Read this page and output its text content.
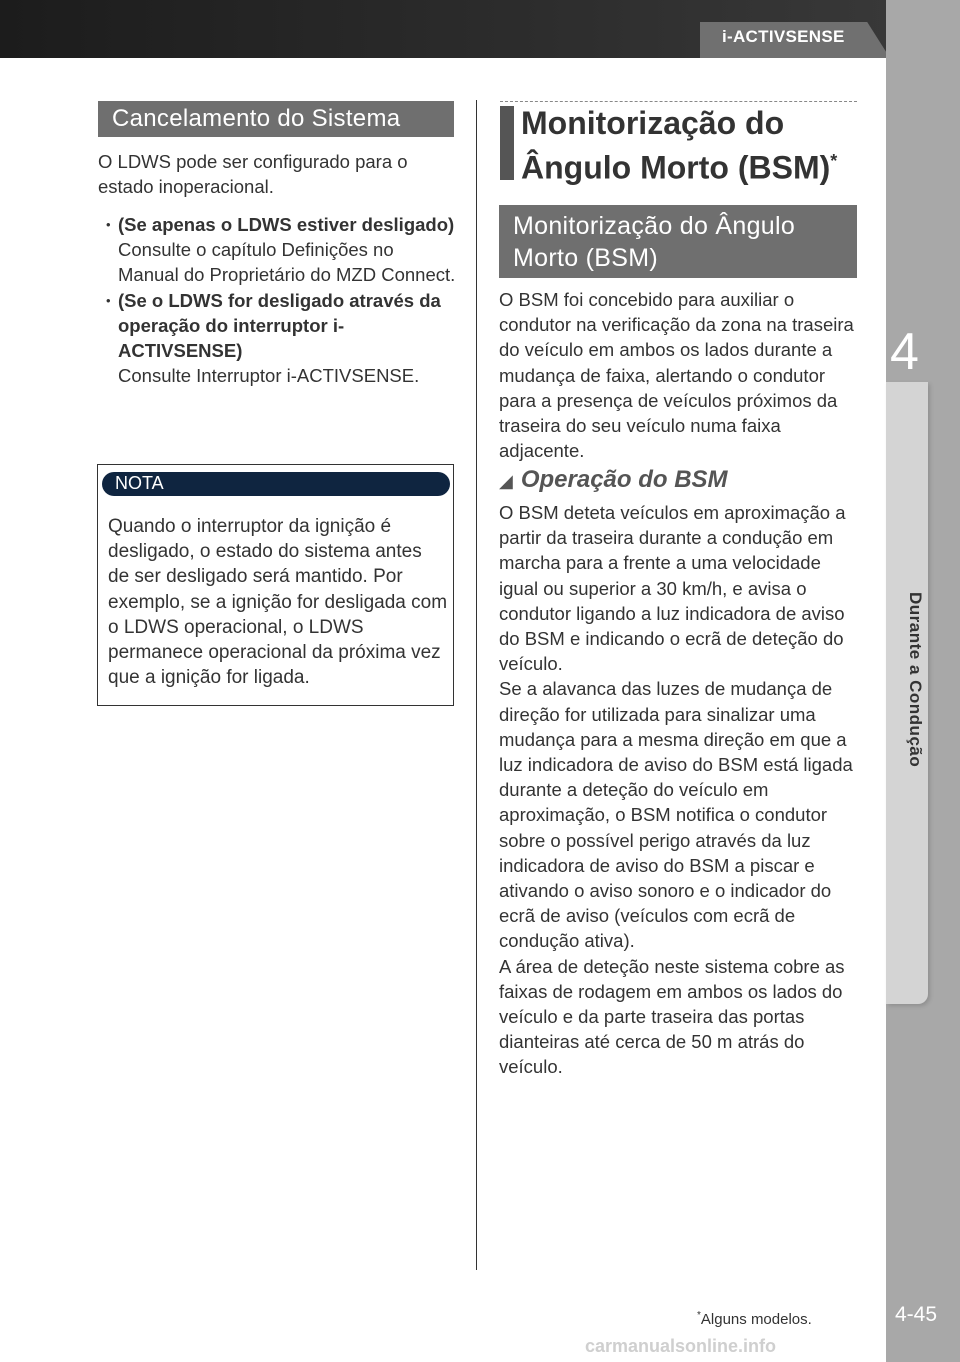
i-ACTIVSENSE
4
Durante a Condução
Cancelamento do Sistema

O LDWS pode ser configurado para o estado inoperacional.

• (Se apenas o LDWS estiver desligado)
Consulte o capítulo Definições no Manual do Proprietário do MZD Connect.
• (Se o LDWS for desligado através da operação do interruptor i-ACTIVSENSE)
Consulte Interruptor i-ACTIVSENSE.
NOTA
Quando o interruptor da ignição é desligado, o estado do sistema antes de ser desligado será mantido. Por exemplo, se a ignição for desligada com o LDWS operacional, o LDWS permanece operacional da próxima vez que a ignição for ligada.
Monitorização do Ângulo Morto (BSM)*
Monitorização do Ângulo Morto (BSM)

O BSM foi concebido para auxiliar o condutor na verificação da zona na traseira do veículo em ambos os lados durante a mudança de faixa, alertando o condutor para a presença de veículos próximos da traseira do seu veículo numa faixa adjacente.

◢ Operação do BSM

O BSM deteta veículos em aproximação a partir da traseira durante a condução em marcha para a frente a uma velocidade igual ou superior a 30 km/h, e avisa o condutor ligando a luz indicadora de aviso do BSM e indicando o ecrã de deteção do veículo.

Se a alavanca das luzes de mudança de direção for utilizada para sinalizar uma mudança para a mesma direção em que a luz indicadora de aviso do BSM está ligada durante a deteção do veículo em aproximação, o BSM notifica o condutor sobre o possível perigo através da luz indicadora de aviso do BSM a piscar e ativando o aviso sonoro e o indicador do ecrã de aviso (veículos com ecrã de condução ativa).

A área de deteção neste sistema cobre as faixas de rodagem em ambos os lados do veículo e da parte traseira das portas dianteiras até cerca de 50 m atrás do veículo.

*Alguns modelos.	4-45
carmanualsonline.info
